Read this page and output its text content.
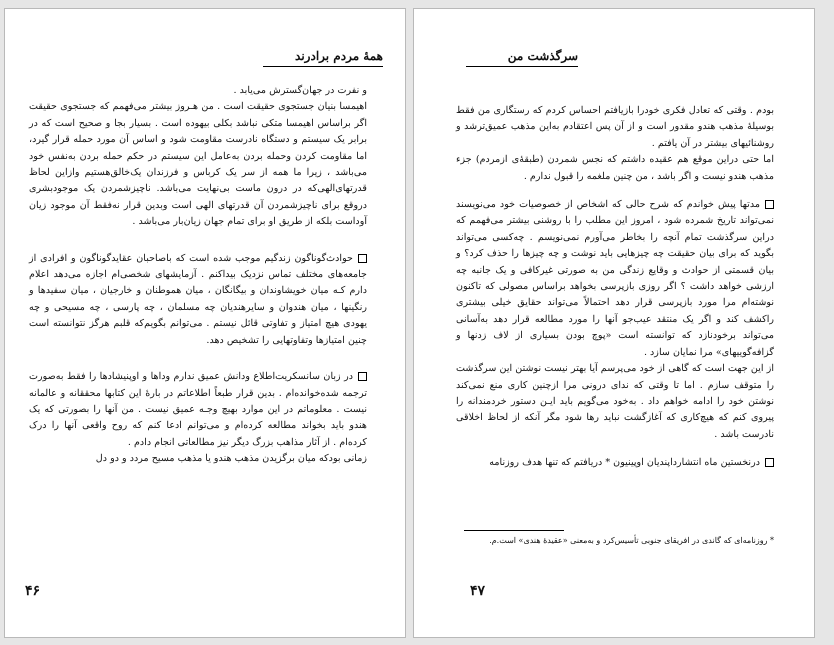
همهٔ مردم برادرند

و نفرت در جهان‌گسترش می‌یابد .

اهیمسا بنیان جستجوی حقیقت است . من هـروز بیشتر می‌فهمم که جستجوی حقیقت اگر براساس اهیمسا متکی نباشد بکلی بیهوده است . بسیار بجا و صحیح است که در برابر یک سیستم و دستگاه نادرست مقاومت شود و اساس آن مورد حمله قرار گیرد، اما مقاومت کردن وحمله بردن به‌عامل این سیستم در حکم حمله بردن به‌نفس خود می‌باشد ، زیرا ما همه از سر یک کرباس و فرزندان یک‌خالق‌هستیم وازاین لحاظ قدرتهای‌الهی‌که در درون ماست بی‌نهایت می‌باشد. ناچیزشمردن یک موجودبشری دروقع برای ناچیزشمردن آن قدرتهای الهی است وبدین قرار نه‌فقط آن موجود زیان آوداست بلکه از طریق او برای تمام جهان زیان‌بار می‌باشد .

حوادث‌گوناگون زندگیم موجب شده است که باصاحبان عقایدگوناگون و افرادی از جامعه‌های مختلف تماس نزدیک بیداکنم . آزمایشهای شخصی‌ام اجازه می‌دهد اعلام دارم کـه میان خویشاوندان و بیگانگان ، میان هموطنان و خارجیان ، میان سفیدها و رنگینها ، میان هندوان و سایرهندیان چه مسلمان ، چه پارسی ، چه مسیحی و چه یهودی هیچ امتیاز و تفاوتی قائل نیستم . می‌توانم بگویم‌که قلبم هرگز نتوانسته است چنین امتیازها وتفاوتهایی را تشخیص دهد.

در زبان سانسکریت‌اطلاع ودانش عمیق ندارم وداها و اوپنیشادها را فقط به‌صورت ترجمه شده‌خوانده‌ام . بدین قرار طبعاً اطلاعاتم در بارهٔ این کتابها محققانه و عالمانه نیست . معلوماتم در این موارد بهیچ وجـه عمیق نیست . من آنها را بصورتی که یک هندو باید بخواند مطالعه کرده‌ام و می‌توانم ادعا کنم که روح واقعی آنها را درک کرده‌ام . از آثار مذاهب بزرگ دیگر نیز مطالعاتی انجام دادم .

زمانی بودکه میان برگزیدن مذهب هندو یا مذهب مسیح مردد و دو دل

۴۶
سرگذشت من

بودم . وقتی که تعادل فکری خودرا بازیافتم احساس کردم که رستگاری من فقط بوسیلهٔ مذهب هندو مقدور است و از آن پس اعتقادم به‌این مذهب عمیق‌ترشد و روشنائیهای بیشتر در آن یافتم .

اما حتی دراین موقع هم عقیده داشتم که نجس شمردن (طبقه‌ٔی ازمردم) جزء مذهب هندو نیست و اگر باشد ، من چنین ملغمه را قبول ندارم .

مدتها پیش خواندم که شرح حالی که اشخاص از خصوصیات خود می‌نویسند نمی‌تواند تاریخ شمرده شود ، امروز این مطلب را با روشنی بیشتر می‌فهمم که دراین سرگذشت تمام آنچه را بخاطر می‌آورم نمی‌نویسم . چه‌کسی می‌تواند بگوید که برای بیان حقیقت چه چیزهایی باید نوشت و چه چیزها را حذف کرد؟ و بیان قسمتی از حوادث و وقایع زندگی من به صورتی غیرکافی و یک جانبه چه ارزشی خواهد داشت ؟ اگر روزی بازپرسی بخواهد براساس مصولی که تاکنون نوشته‌ام مرا مورد بازپرسی قرار دهد احتمالاً می‌تواند حقایق خیلی بیشتری راکشف کند و اگر یک منتقد عیب‌جو آنها را مورد مطالعه قرار دهد به‌آسانی می‌تواند برخودنازد که توانسته است «پوچ بودن بسیاری از لاف زدنها و گزافه‌گوییهای» مرا نمایان سازد .

از این جهت است که گاهی از خود می‌پرسم آیا بهتر نیست نوشتن این سرگذشت را متوقف سازم . اما تا وقتی که ندای درونی مرا ازچنین کاری منع نمی‌کند نوشتن خود را ادامه خواهم داد . به‌خود می‌گویم باید ایـن دستور خردمندانه را پیروی کنم که هیچ‌کاری که آغازگشت نباید رها شود مگر آنکه از لحاظ اخلاقی نادرست باشد .

درنخستین ماه انتشارداپندیان اوپینیون * دریافتم که تنها هدف روزنامه

* روزنامه‌ای که گاندی در افریقای جنوبی تأسیس‌کرد و به‌معنی «عقیدهٔ هندی» است.م.
۴۷
